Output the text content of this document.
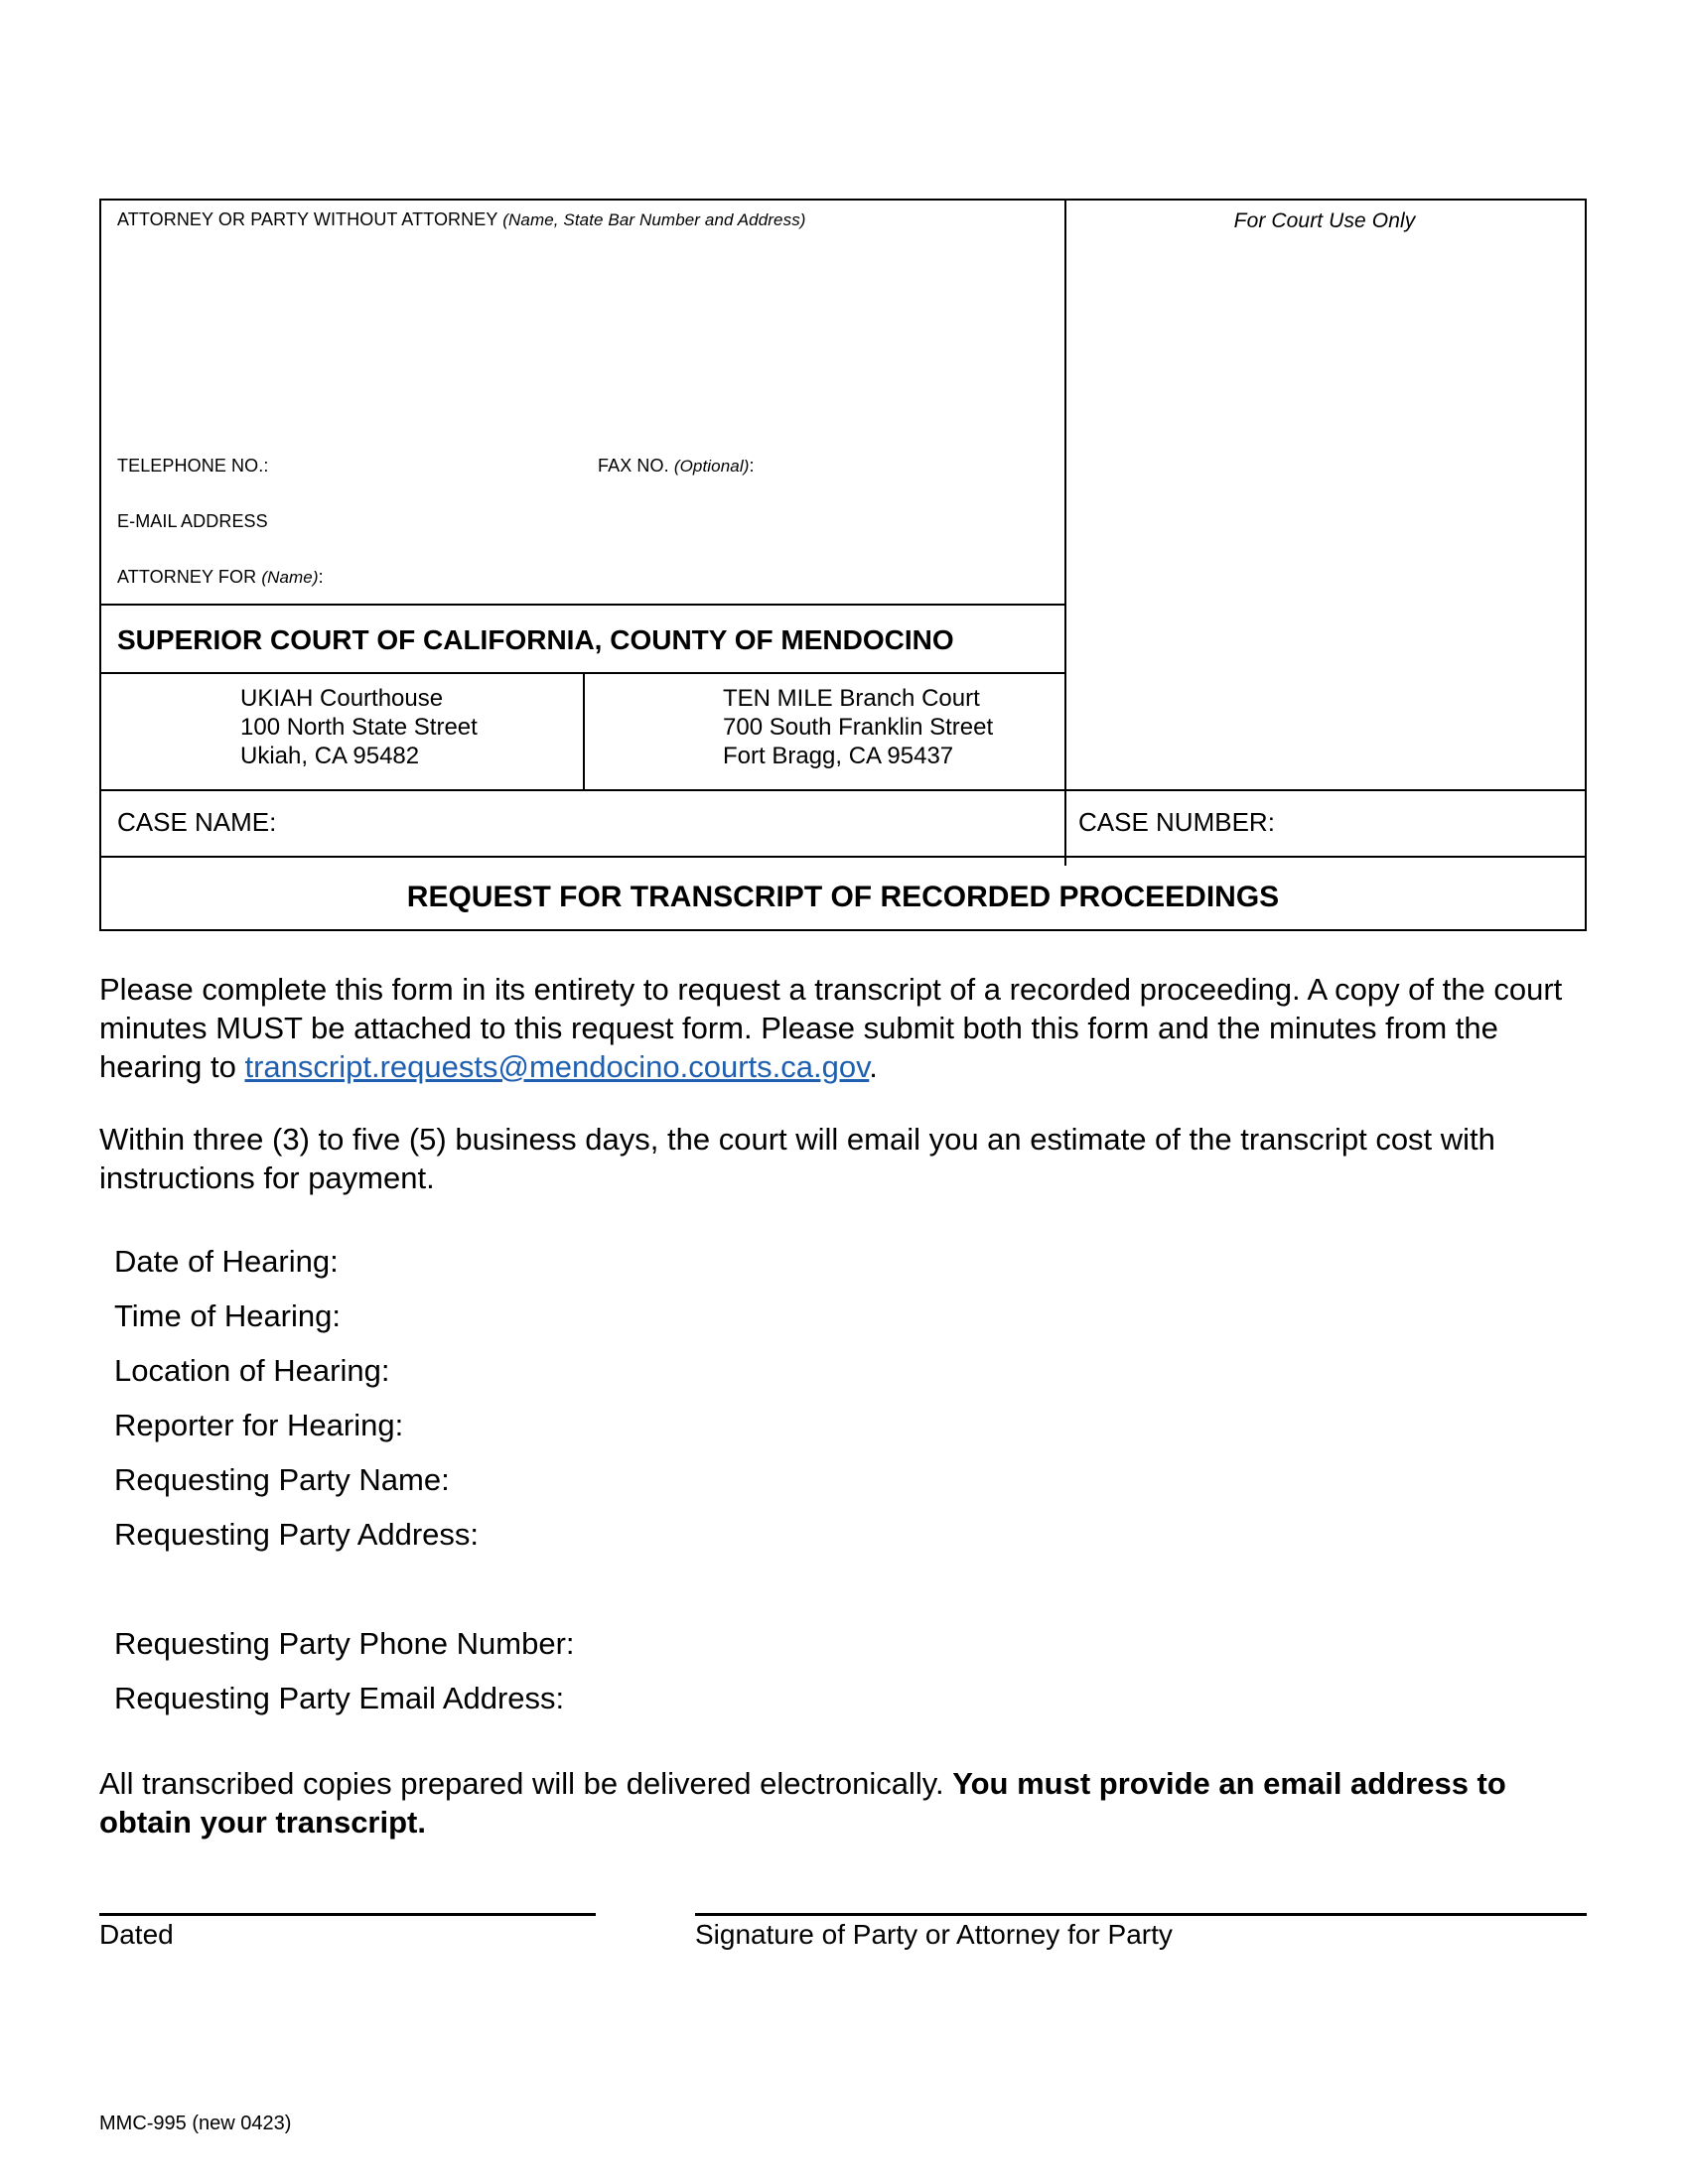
ATTORNEY OR PARTY WITHOUT ATTORNEY (Name, State Bar Number and Address)	For Court Use Only
TELEPHONE NO.:	FAX NO. (Optional):
E-MAIL ADDRESS
ATTORNEY FOR (Name):
SUPERIOR COURT OF CALIFORNIA, COUNTY OF MENDOCINO
UKIAH Courthouse
100 North State Street
Ukiah, CA 95482
TEN MILE Branch Court
700 South Franklin Street
Fort Bragg, CA 95437
CASE NAME:	CASE NUMBER:
REQUEST FOR TRANSCRIPT OF RECORDED PROCEEDINGS
Please complete this form in its entirety to request a transcript of a recorded proceeding. A copy of the court minutes MUST be attached to this request form. Please submit both this form and the minutes from the hearing to transcript.requests@mendocino.courts.ca.gov.
Within three (3) to five (5) business days, the court will email you an estimate of the transcript cost with instructions for payment.
Date of Hearing:
Time of Hearing:
Location of Hearing:
Reporter for Hearing:
Requesting Party Name:
Requesting Party Address:
Requesting Party Phone Number:
Requesting Party Email Address:
All transcribed copies prepared will be delivered electronically. You must provide an email address to obtain your transcript.
Dated	Signature of Party or Attorney for Party
MMC-995 (new 0423)
